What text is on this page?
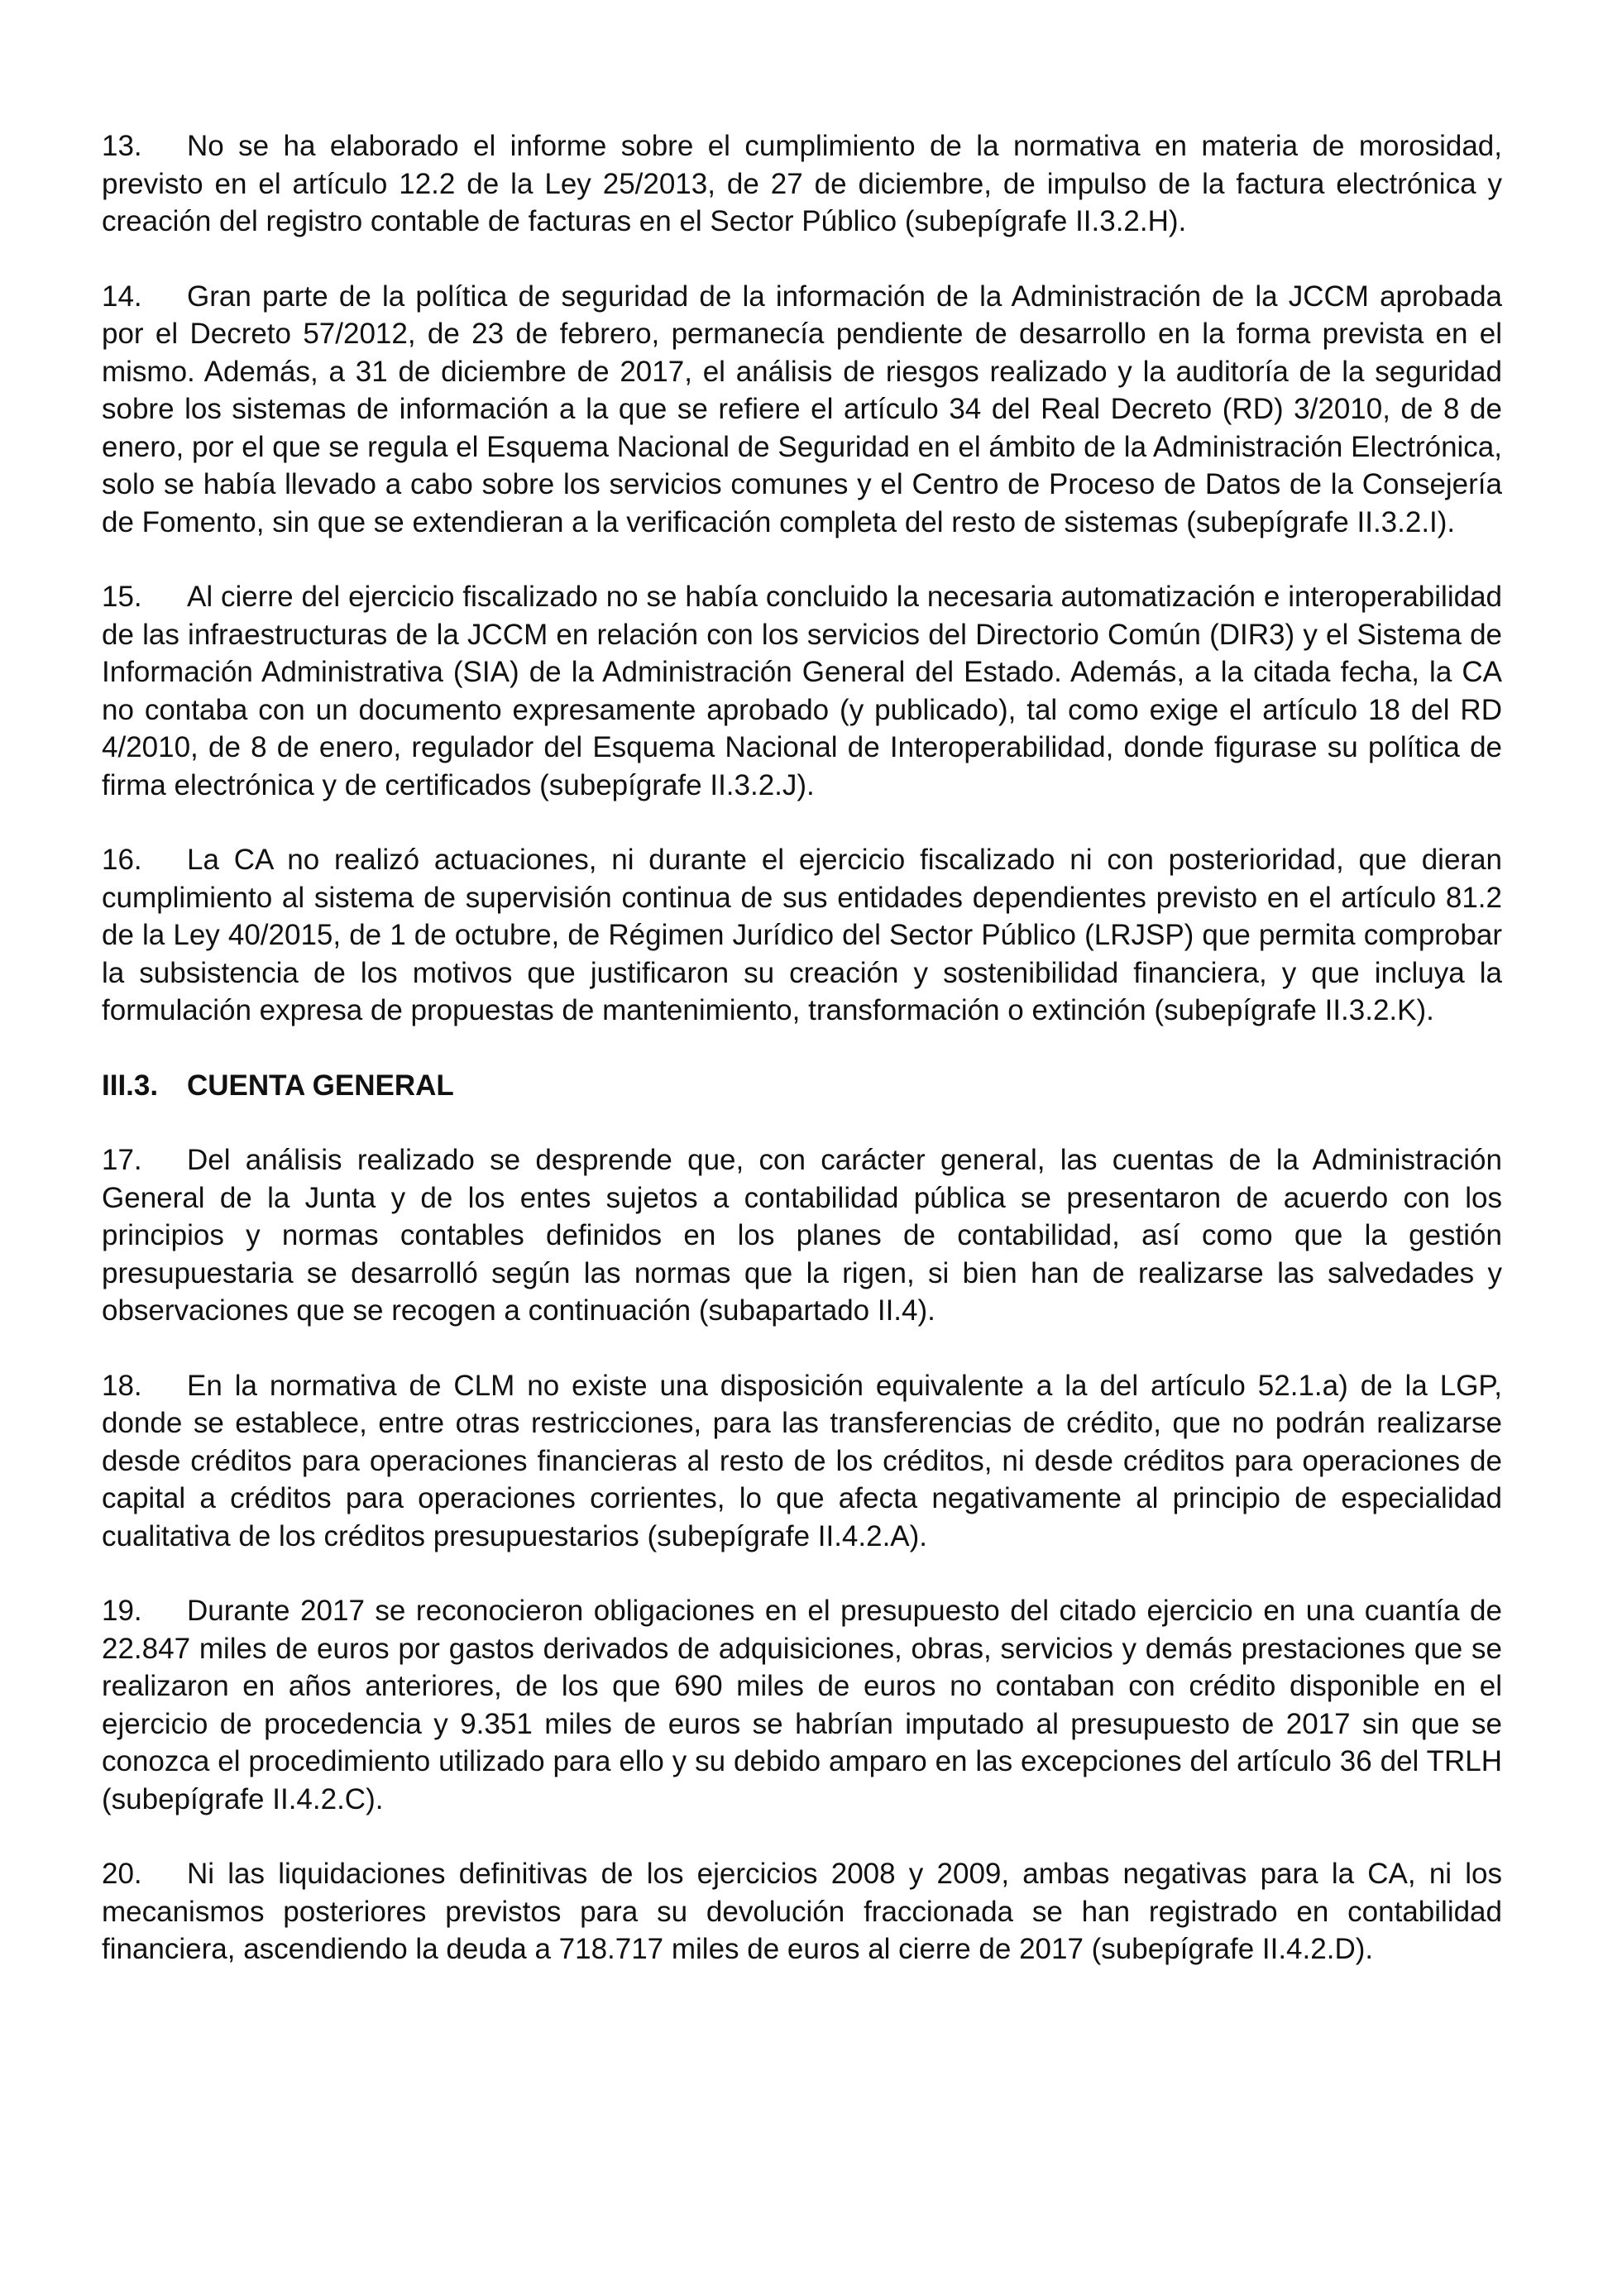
13. No se ha elaborado el informe sobre el cumplimiento de la normativa en materia de morosidad, previsto en el artículo 12.2 de la Ley 25/2013, de 27 de diciembre, de impulso de la factura electrónica y creación del registro contable de facturas en el Sector Público (subepígrafe II.3.2.H).

14. Gran parte de la política de seguridad de la información de la Administración de la JCCM aprobada por el Decreto 57/2012, de 23 de febrero, permanecía pendiente de desarrollo en la forma prevista en el mismo. Además, a 31 de diciembre de 2017, el análisis de riesgos realizado y la auditoría de la seguridad sobre los sistemas de información a la que se refiere el artículo 34 del Real Decreto (RD) 3/2010, de 8 de enero, por el que se regula el Esquema Nacional de Seguridad en el ámbito de la Administración Electrónica, solo se había llevado a cabo sobre los servicios comunes y el Centro de Proceso de Datos de la Consejería de Fomento, sin que se extendieran a la verificación completa del resto de sistemas (subepígrafe II.3.2.I).

15. Al cierre del ejercicio fiscalizado no se había concluido la necesaria automatización e interoperabilidad de las infraestructuras de la JCCM en relación con los servicios del Directorio Común (DIR3) y el Sistema de Información Administrativa (SIA) de la Administración General del Estado. Además, a la citada fecha, la CA no contaba con un documento expresamente aprobado (y publicado), tal como exige el artículo 18 del RD 4/2010, de 8 de enero, regulador del Esquema Nacional de Interoperabilidad, donde figurase su política de firma electrónica y de certificados (subepígrafe II.3.2.J).

16. La CA no realizó actuaciones, ni durante el ejercicio fiscalizado ni con posterioridad, que dieran cumplimiento al sistema de supervisión continua de sus entidades dependientes previsto en el artículo 81.2 de la Ley 40/2015, de 1 de octubre, de Régimen Jurídico del Sector Público (LRJSP) que permita comprobar la subsistencia de los motivos que justificaron su creación y sostenibilidad financiera, y que incluya la formulación expresa de propuestas de mantenimiento, transformación o extinción (subepígrafe II.3.2.K).

III.3. CUENTA GENERAL

17. Del análisis realizado se desprende que, con carácter general, las cuentas de la Administración General de la Junta y de los entes sujetos a contabilidad pública se presentaron de acuerdo con los principios y normas contables definidos en los planes de contabilidad, así como que la gestión presupuestaria se desarrolló según las normas que la rigen, si bien han de realizarse las salvedades y observaciones que se recogen a continuación (subapartado II.4).

18. En la normativa de CLM no existe una disposición equivalente a la del artículo 52.1.a) de la LGP, donde se establece, entre otras restricciones, para las transferencias de crédito, que no podrán realizarse desde créditos para operaciones financieras al resto de los créditos, ni desde créditos para operaciones de capital a créditos para operaciones corrientes, lo que afecta negativamente al principio de especialidad cualitativa de los créditos presupuestarios (subepígrafe II.4.2.A).

19. Durante 2017 se reconocieron obligaciones en el presupuesto del citado ejercicio en una cuantía de 22.847 miles de euros por gastos derivados de adquisiciones, obras, servicios y demás prestaciones que se realizaron en años anteriores, de los que 690 miles de euros no contaban con crédito disponible en el ejercicio de procedencia y 9.351 miles de euros se habrían imputado al presupuesto de 2017 sin que se conozca el procedimiento utilizado para ello y su debido amparo en las excepciones del artículo 36 del TRLH (subepígrafe II.4.2.C).

20. Ni las liquidaciones definitivas de los ejercicios 2008 y 2009, ambas negativas para la CA, ni los mecanismos posteriores previstos para su devolución fraccionada se han registrado en contabilidad financiera, ascendiendo la deuda a 718.717 miles de euros al cierre de 2017 (subepígrafe II.4.2.D).
